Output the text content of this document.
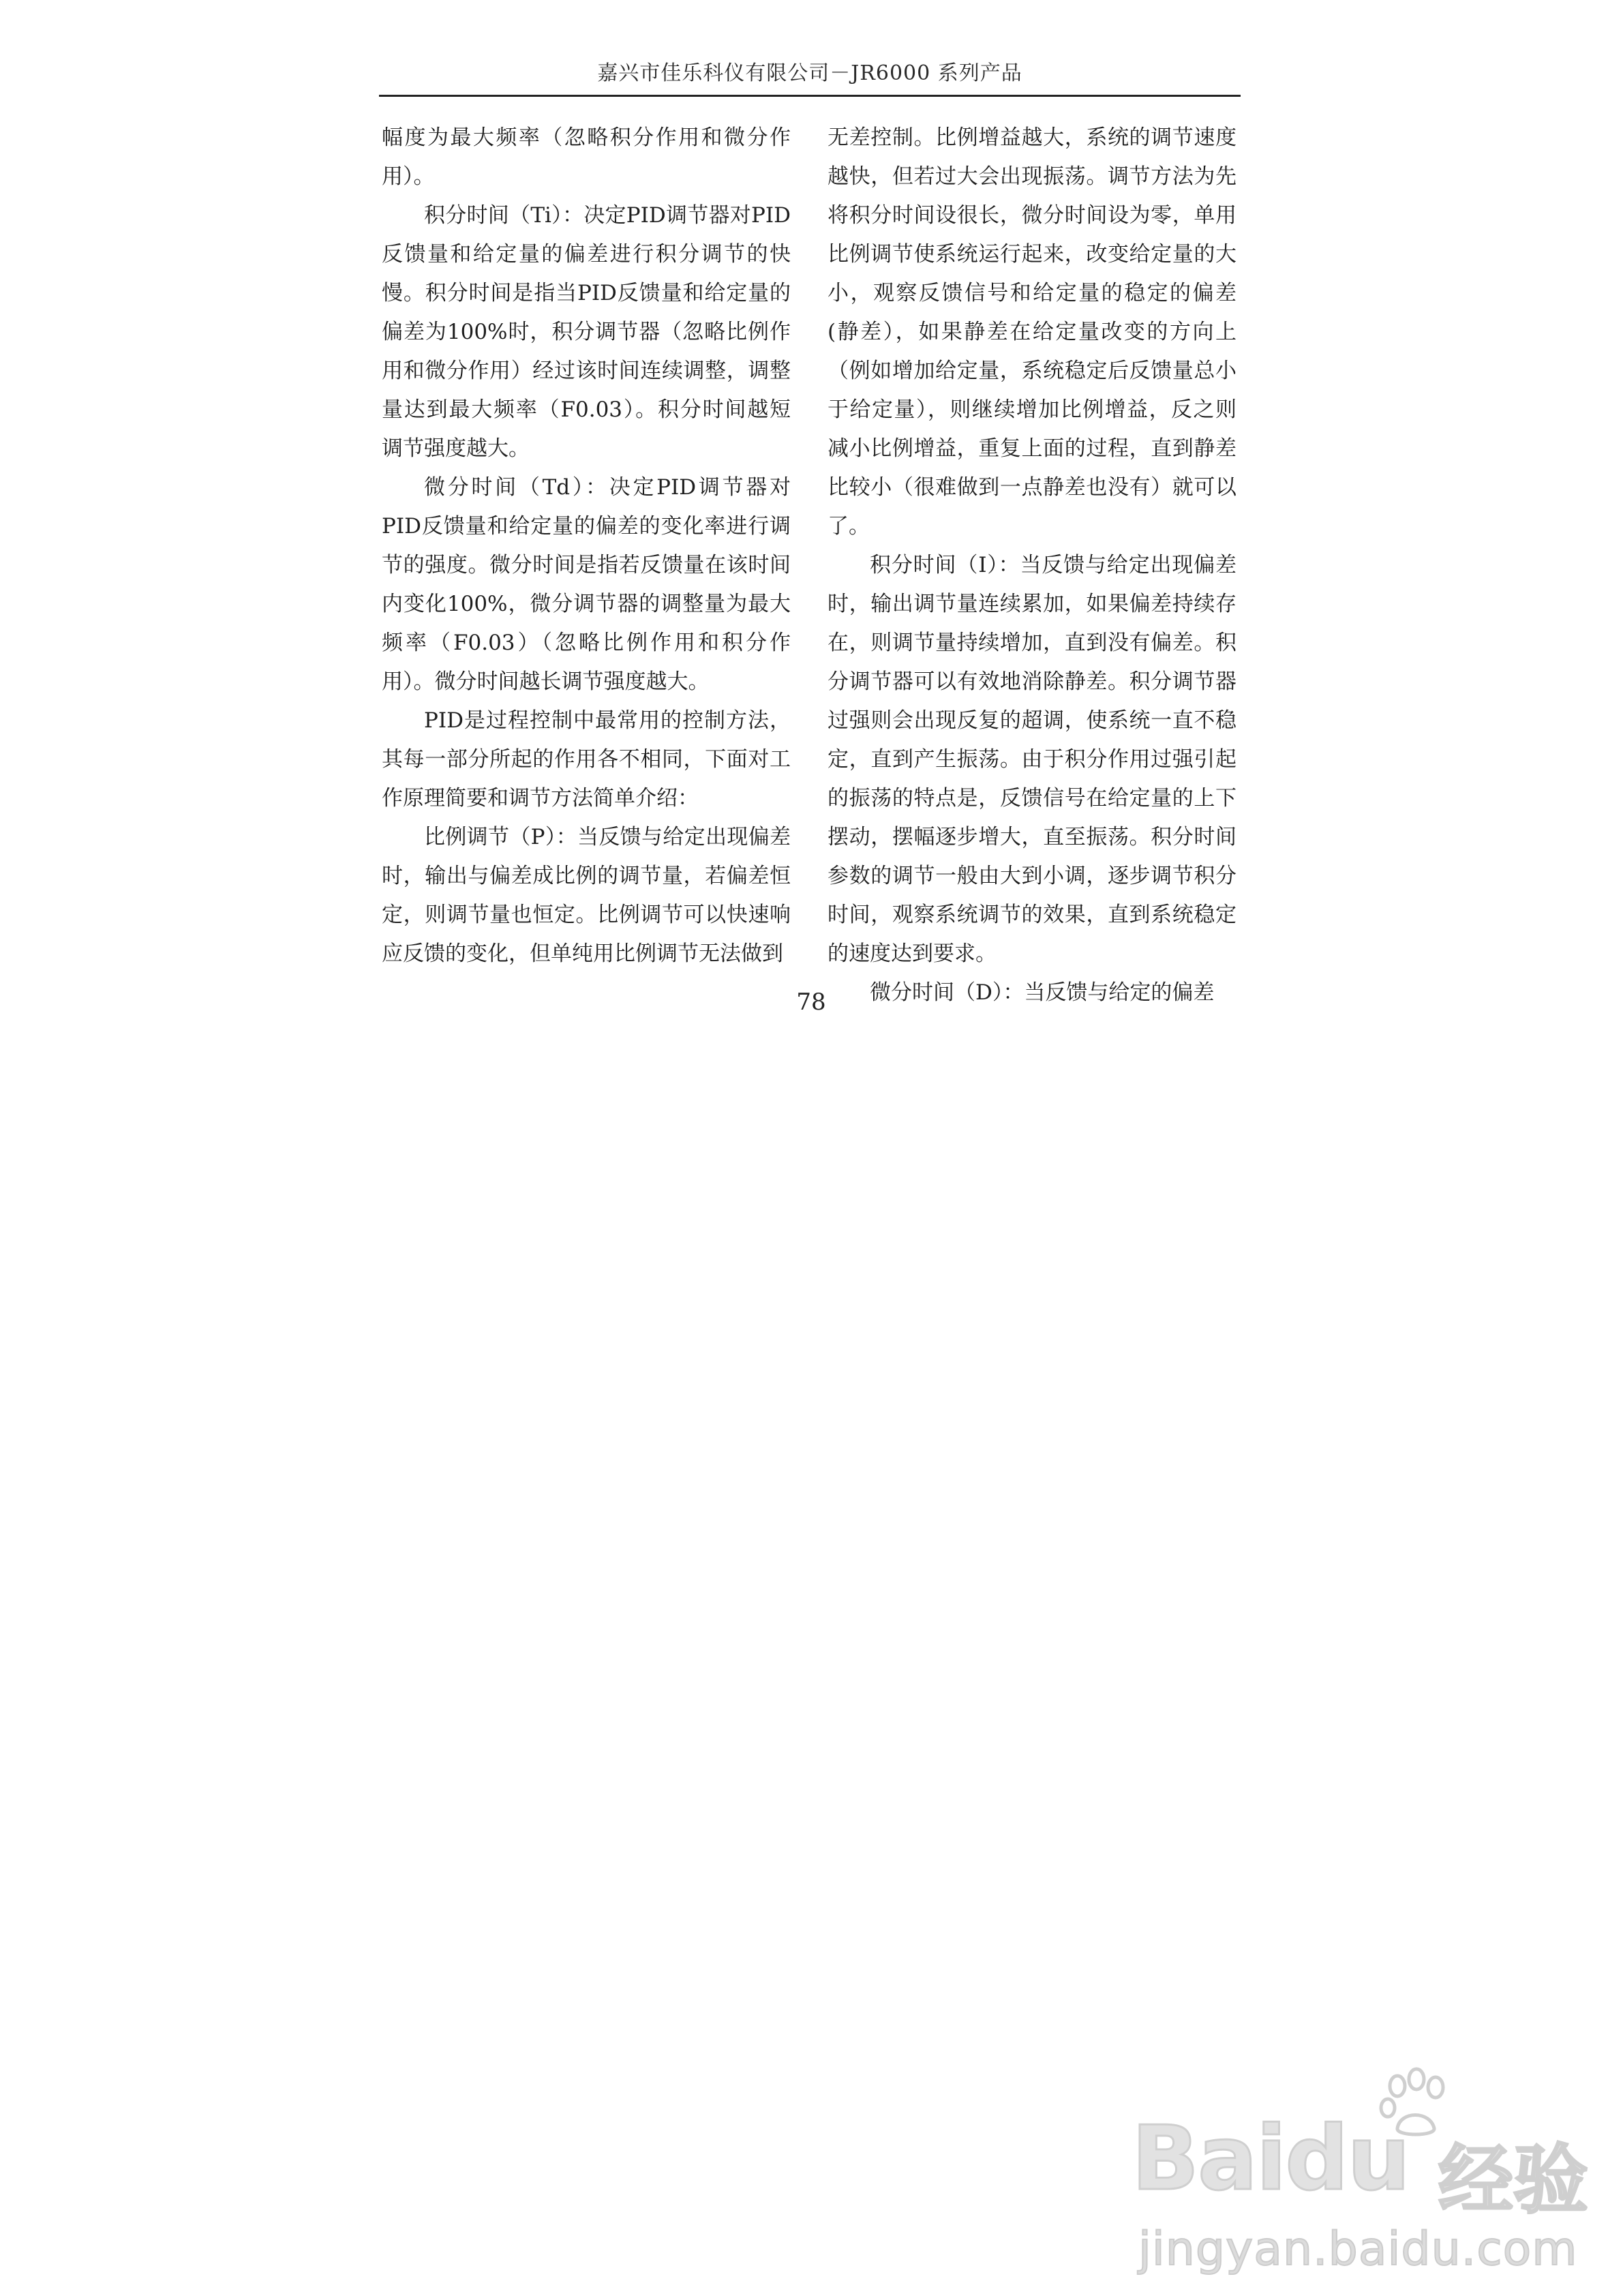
嘉兴市佳乐科仪有限公司－JR6000 系列产品

幅度为最大频率（忽略积分作用和微分作用）。

积分时间（Ti）：决定PID调节器对PID反馈量和给定量的偏差进行积分调节的快慢。积分时间是指当PID反馈量和给定量的偏差为100%时，积分调节器（忽略比例作用和微分作用）经过该时间连续调整，调整量达到最大频率（F0.03）。积分时间越短调节强度越大。

微分时间（Td）：决定PID调节器对PID反馈量和给定量的偏差的变化率进行调节的强度。微分时间是指若反馈量在该时间内变化100%，微分调节器的调整量为最大频率（F0.03）（忽略比例作用和积分作用）。微分时间越长调节强度越大。

PID是过程控制中最常用的控制方法，其每一部分所起的作用各不相同，下面对工作原理简要和调节方法简单介绍：

比例调节（P）：当反馈与给定出现偏差时，输出与偏差成比例的调节量，若偏差恒定，则调节量也恒定。比例调节可以快速响应反馈的变化，但单纯用比例调节无法做到

无差控制。比例增益越大，系统的调节速度越快，但若过大会出现振荡。调节方法为先将积分时间设很长，微分时间设为零，单用比例调节使系统运行起来，改变给定量的大小，观察反馈信号和给定量的稳定的偏差(静差），如果静差在给定量改变的方向上（例如增加给定量，系统稳定后反馈量总小于给定量），则继续增加比例增益，反之则减小比例增益，重复上面的过程，直到静差比较小（很难做到一点静差也没有）就可以了。

积分时间（I）：当反馈与给定出现偏差时，输出调节量连续累加，如果偏差持续存在，则调节量持续增加，直到没有偏差。积分调节器可以有效地消除静差。积分调节器过强则会出现反复的超调，使系统一直不稳定，直到产生振荡。由于积分作用过强引起的振荡的特点是，反馈信号在给定量的上下摆动，摆幅逐步增大，直至振荡。积分时间参数的调节一般由大到小调，逐步调节积分时间，观察系统调节的效果，直到系统稳定的速度达到要求。

微分时间（D）：当反馈与给定的偏差

78
Baidu 经验
jingyan.baidu.com
